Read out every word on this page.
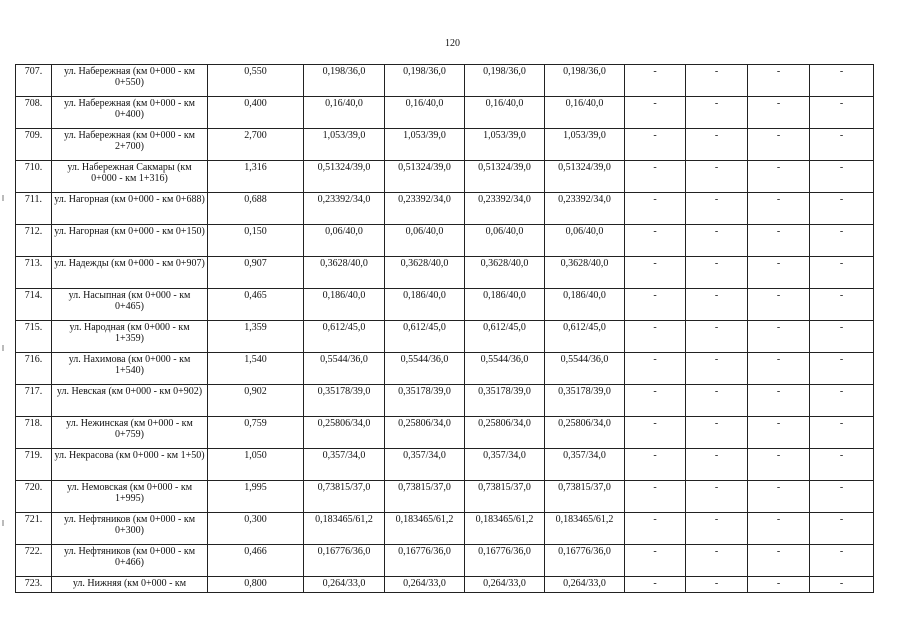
120
707.	ул. Набережная (км 0+000 - км 0+550)	0,550	0,198/36,0	0,198/36,0	0,198/36,0	0,198/36,0	-	-	-	-
708.	ул. Набережная (км 0+000 - км 0+400)	0,400	0,16/40,0	0,16/40,0	0,16/40,0	0,16/40,0	-	-	-	-
709.	ул. Набережная (км 0+000 - км 2+700)	2,700	1,053/39,0	1,053/39,0	1,053/39,0	1,053/39,0	-	-	-	-
710.	ул. Набережная Сакмары (км 0+000 - км 1+316)	1,316	0,51324/39,0	0,51324/39,0	0,51324/39,0	0,51324/39,0	-	-	-	-
711.	ул. Нагорная (км 0+000 - км 0+688)	0,688	0,23392/34,0	0,23392/34,0	0,23392/34,0	0,23392/34,0	-	-	-	-
712.	ул. Нагорная (км 0+000 - км 0+150)	0,150	0,06/40,0	0,06/40,0	0,06/40,0	0,06/40,0	-	-	-	-
713.	ул. Надежды (км 0+000 - км 0+907)	0,907	0,3628/40,0	0,3628/40,0	0,3628/40,0	0,3628/40,0	-	-	-	-
714.	ул. Насыпная (км 0+000 - км 0+465)	0,465	0,186/40,0	0,186/40,0	0,186/40,0	0,186/40,0	-	-	-	-
715.	ул. Народная (км 0+000 - км 1+359)	1,359	0,612/45,0	0,612/45,0	0,612/45,0	0,612/45,0	-	-	-	-
716.	ул. Нахимова (км 0+000 - км 1+540)	1,540	0,5544/36,0	0,5544/36,0	0,5544/36,0	0,5544/36,0	-	-	-	-
717.	ул. Невская (км 0+000 - км 0+902)	0,902	0,35178/39,0	0,35178/39,0	0,35178/39,0	0,35178/39,0	-	-	-	-
718.	ул. Нежинская (км 0+000 - км 0+759)	0,759	0,25806/34,0	0,25806/34,0	0,25806/34,0	0,25806/34,0	-	-	-	-
719.	ул. Некрасова (км 0+000 - км 1+50)	1,050	0,357/34,0	0,357/34,0	0,357/34,0	0,357/34,0	-	-	-	-
720.	ул. Немовская (км 0+000 - км 1+995)	1,995	0,73815/37,0	0,73815/37,0	0,73815/37,0	0,73815/37,0	-	-	-	-
721.	ул. Нефтяников (км 0+000 - км 0+300)	0,300	0,183465/61,2	0,183465/61,2	0,183465/61,2	0,183465/61,2	-	-	-	-
722.	ул. Нефтяников (км 0+000 - км 0+466)	0,466	0,16776/36,0	0,16776/36,0	0,16776/36,0	0,16776/36,0	-	-	-	-
723.	ул. Нижняя (км 0+000 - км	0,800	0,264/33,0	0,264/33,0	0,264/33,0	0,264/33,0	-	-	-	-
